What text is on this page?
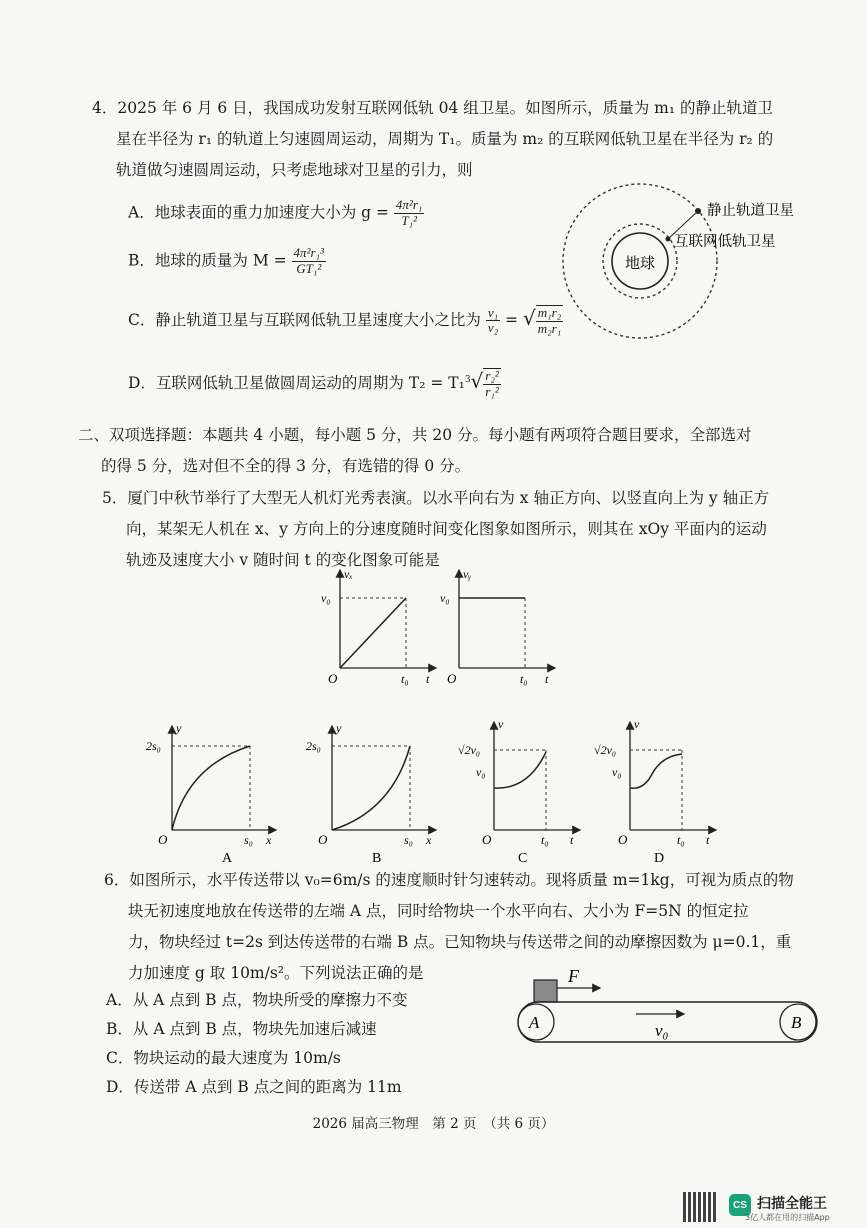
4．2025 年 6 月 6 日，我国成功发射互联网低轨 04 组卫星。如图所示，质量为 m₁ 的静止轨道卫
星在半径为 r₁ 的轨道上匀速圆周运动，周期为 T₁。质量为 m₂ 的互联网低轨卫星在半径为 r₂ 的
轨道做匀速圆周运动，只考虑地球对卫星的引力，则
A．地球表面的重力加速度大小为 $g = \frac{\text{4π²r₁}}{\text{T₁²}}$
B．地球的质量为 $M = \frac{\text{4π²r₁³}}{\text{GT₁²}}$
C．静止轨道卫星与互联网低轨卫星速度大小之比为 $\frac{\text{v₁}}{\text{v₂}}$ = √ $\frac{\text{m₁r₂}}{\text{m₂r₁}}$
D．互联网低轨卫星做圆周运动的周期为 $T_2 = T_1^3√ \frac{\text{r₂²}}{\text{r₁²}}$
地球
静止轨道卫星
互联网低轨卫星
二、双项选择题：本题共 4 小题，每小题 5 分，共 20 分。每小题有两项符合题目要求，全部选对
的得 5 分，选对但不全的得 3 分，有选错的得 0 分。
5．厦门中秋节举行了大型无人机灯光秀表演。以水平向右为 x 轴正方向、以竖直向上为 y 轴正方
向，某架无人机在 x、y 方向上的分速度随时间变化图象如图所示，则其在 xOy 平面内的运动
轨迹及速度大小 v 随时间 t 的变化图象可能是
vₓ
v₀
t₀ t
O
vᵧ
v₀
t₀ t
O
y
2s₀
s₀ x
O
A
y
2s₀
s₀ x
O
B
v
√2v₀
v₀
t₀ t
O
C
v
√2v₀
v₀
t₀ t
O
D
6．如图所示，水平传送带以 v₀=6m/s 的速度顺时针匀速转动。现将质量 m=1kg，可视为质点的物
块无初速度地放在传送带的左端 A 点，同时给物块一个水平向右、大小为 F=5N 的恒定拉
力，物块经过 t=2s 到达传送带的右端 B 点。已知物块与传送带之间的动摩擦因数为 μ=0.1，重
力加速度 g 取 10m/s²。下列说法正确的是
A．从 A 点到 B 点，物块所受的摩擦力不变
B．从 A 点到 B 点，物块先加速后减速
C．物块运动的最大速度为 10m/s
D．传送带 A 点到 B 点之间的距离为 11m
F
A	B
v₀
2026 届高三物理　第 2 页　（共 6 页）
CS 扫描全能王
3亿人都在用的扫描App
